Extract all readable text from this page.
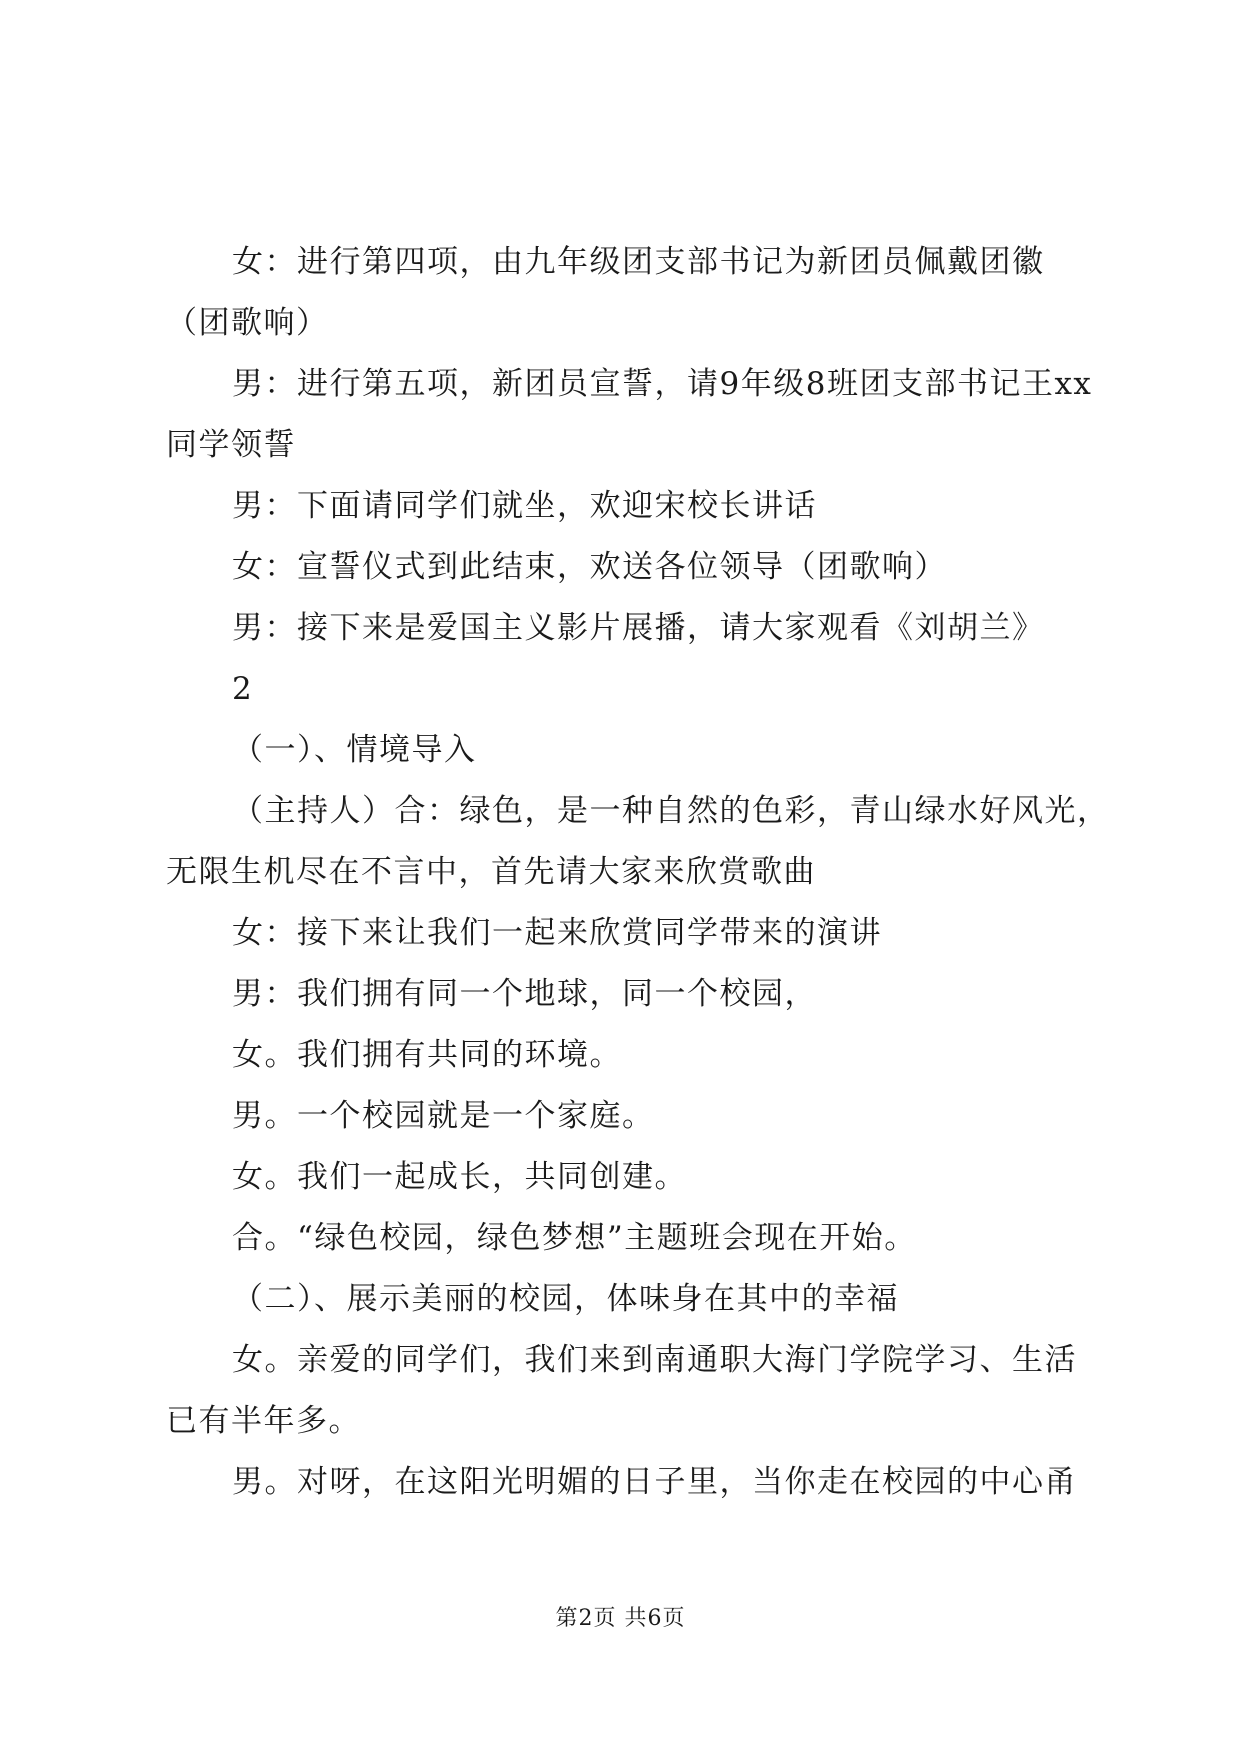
女：进行第四项，由九年级团支部书记为新团员佩戴团徽
（团歌响）
男：进行第五项，新团员宣誓，请9年级8班团支部书记王xx
同学领誓
男：下面请同学们就坐，欢迎宋校长讲话
女：宣誓仪式到此结束，欢送各位领导（团歌响）
男：接下来是爱国主义影片展播，请大家观看《刘胡兰》
2
（一）、情境导入
（主持人）合：绿色，是一种自然的色彩，青山绿水好风光，
无限生机尽在不言中，首先请大家来欣赏歌曲
女：接下来让我们一起来欣赏同学带来的演讲
男：我们拥有同一个地球，同一个校园，
女。我们拥有共同的环境。
男。一个校园就是一个家庭。
女。我们一起成长，共同创建。
合。“绿色校园，绿色梦想”主题班会现在开始。
（二）、展示美丽的校园，体味身在其中的幸福
女。亲爱的同学们，我们来到南通职大海门学院学习、生活
已有半年多。
男。对呀，在这阳光明媚的日子里，当你走在校园的中心甬
第2页 共6页
